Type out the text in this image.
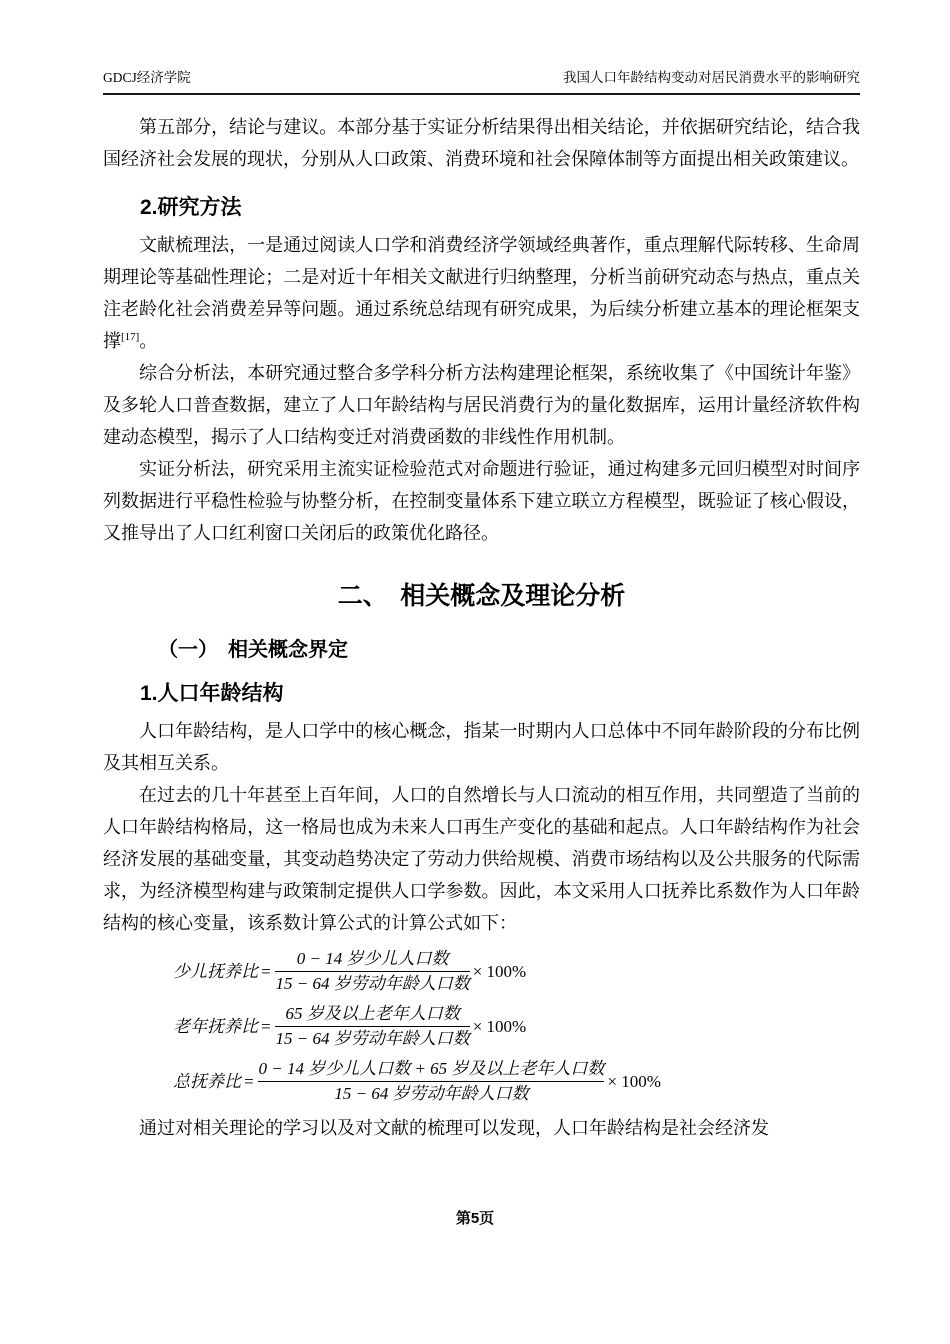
GDCJ经济学院	我国人口年龄结构变动对居民消费水平的影响研究

第五部分，结论与建议。本部分基于实证分析结果得出相关结论，并依据研究结论，结合我国经济社会发展的现状，分别从人口政策、消费环境和社会保障体制等方面提出相关政策建议。

2.研究方法

文献梳理法，一是通过阅读人口学和消费经济学领域经典著作，重点理解代际转移、生命周期理论等基础性理论；二是对近十年相关文献进行归纳整理，分析当前研究动态与热点，重点关注老龄化社会消费差异等问题。通过系统总结现有研究成果，为后续分析建立基本的理论框架支撑[17]。

综合分析法，本研究通过整合多学科分析方法构建理论框架，系统收集了《中国统计年鉴》及多轮人口普查数据，建立了人口年龄结构与居民消费行为的量化数据库，运用计量经济软件构建动态模型，揭示了人口结构变迁对消费函数的非线性作用机制。

实证分析法，研究采用主流实证检验范式对命题进行验证，通过构建多元回归模型对时间序列数据进行平稳性检验与协整分析，在控制变量体系下建立联立方程模型，既验证了核心假设，又推导出了人口红利窗口关闭后的政策优化路径。

二、　相关概念及理论分析
（一）　相关概念界定
1.人口年龄结构

人口年龄结构，是人口学中的核心概念，指某一时期内人口总体中不同年龄阶段的分布比例及其相互关系。

在过去的几十年甚至上百年间，人口的自然增长与人口流动的相互作用，共同塑造了当前的人口年龄结构格局，这一格局也成为未来人口再生产变化的基础和起点。人口年龄结构作为社会经济发展的基础变量，其变动趋势决定了劳动力供给规模、消费市场结构以及公共服务的代际需求，为经济模型构建与政策制定提供人口学参数。因此，本文采用人口抚养比系数作为人口年龄结构的核心变量，该系数计算公式的计算公式如下：

少儿抚养比 = $\frac{\text{0 − 14 岁少儿人口数}}{\text{15 − 64 岁劳动年龄人口数}} \times 100\%$
老年抚养比 = $\frac{\text{65 岁及以上老年人口数}}{\text{15 − 64 岁劳动年龄人口数}} \times 100\%$
总抚养比 = $\frac{\text{0 − 14 岁少儿人口数 + 65 岁及以上老年人口数}}{\text{15 − 64 岁劳动年龄人口数}} \times 100\%$

通过对相关理论的学习以及对文献的梳理可以发现，人口年龄结构是社会经济发

第5页
